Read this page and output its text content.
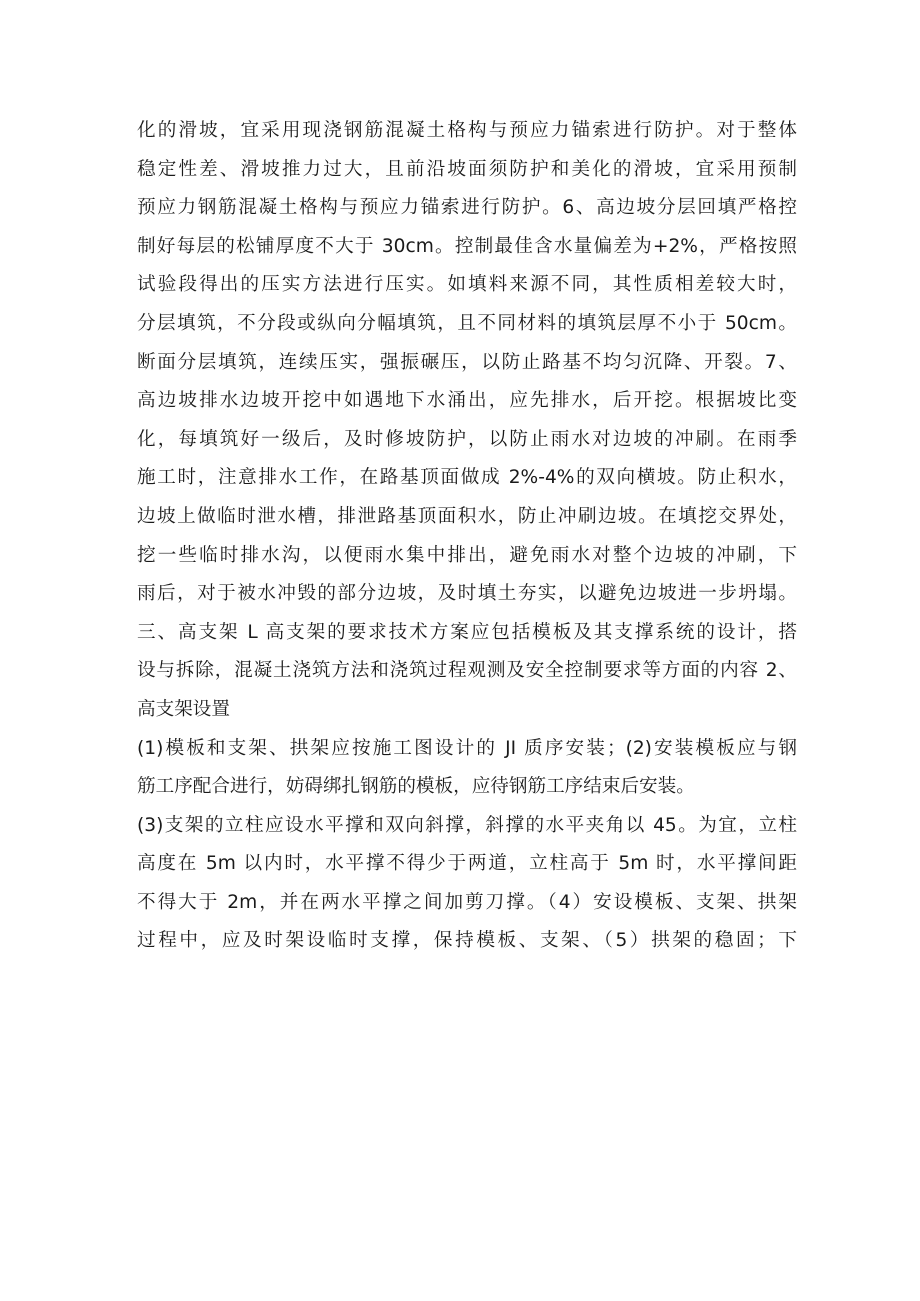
化的滑坡，宜采用现浇钢筋混凝土格构与预应力锚索进行防护。对于整体
稳定性差、滑坡推力过大，且前沿坡面须防护和美化的滑坡，宜采用预制
预应力钢筋混凝土格构与预应力锚索进行防护。6、高边坡分层回填严格控
制好每层的松铺厚度不大于 30cm。控制最佳含水量偏差为+2%，严格按照
试验段得出的压实方法进行压实。如填料来源不同，其性质相差较大时，
分层填筑，不分段或纵向分幅填筑，且不同材料的填筑层厚不小于 50cm。
断面分层填筑，连续压实，强振碾压，以防止路基不均匀沉降、开裂。7、
高边坡排水边坡开挖中如遇地下水涌出，应先排水，后开挖。根据坡比变
化，每填筑好一级后，及时修坡防护，以防止雨水对边坡的冲刷。在雨季
施工时，注意排水工作，在路基顶面做成 2%-4%的双向横坡。防止积水，
边坡上做临时泄水槽，排泄路基顶面积水，防止冲刷边坡。在填挖交界处，
挖一些临时排水沟，以便雨水集中排出，避免雨水对整个边坡的冲刷，下
雨后，对于被水冲毁的部分边坡，及时填土夯实，以避免边坡进一步坍塌。
三、高支架 L 高支架的要求技术方案应包括模板及其支撑系统的设计，搭
设与拆除，混凝土浇筑方法和浇筑过程观测及安全控制要求等方面的内容 2、
高支架设置
(1)模板和支架、拱架应按施工图设计的 JI 质序安装；(2)安装模板应与钢
筋工序配合进行，妨碍绑扎钢筋的模板，应待钢筋工序结束后安装。
(3)支架的立柱应设水平撑和双向斜撑，斜撑的水平夹角以 45。为宜，立柱
高度在 5m 以内时，水平撑不得少于两道，立柱高于 5m 时，水平撑间距
不得大于 2m，并在两水平撑之间加剪刀撑。（4）安设模板、支架、拱架
过程中，应及时架设临时支撑，保持模板、支架、（5）拱架的稳固；下
